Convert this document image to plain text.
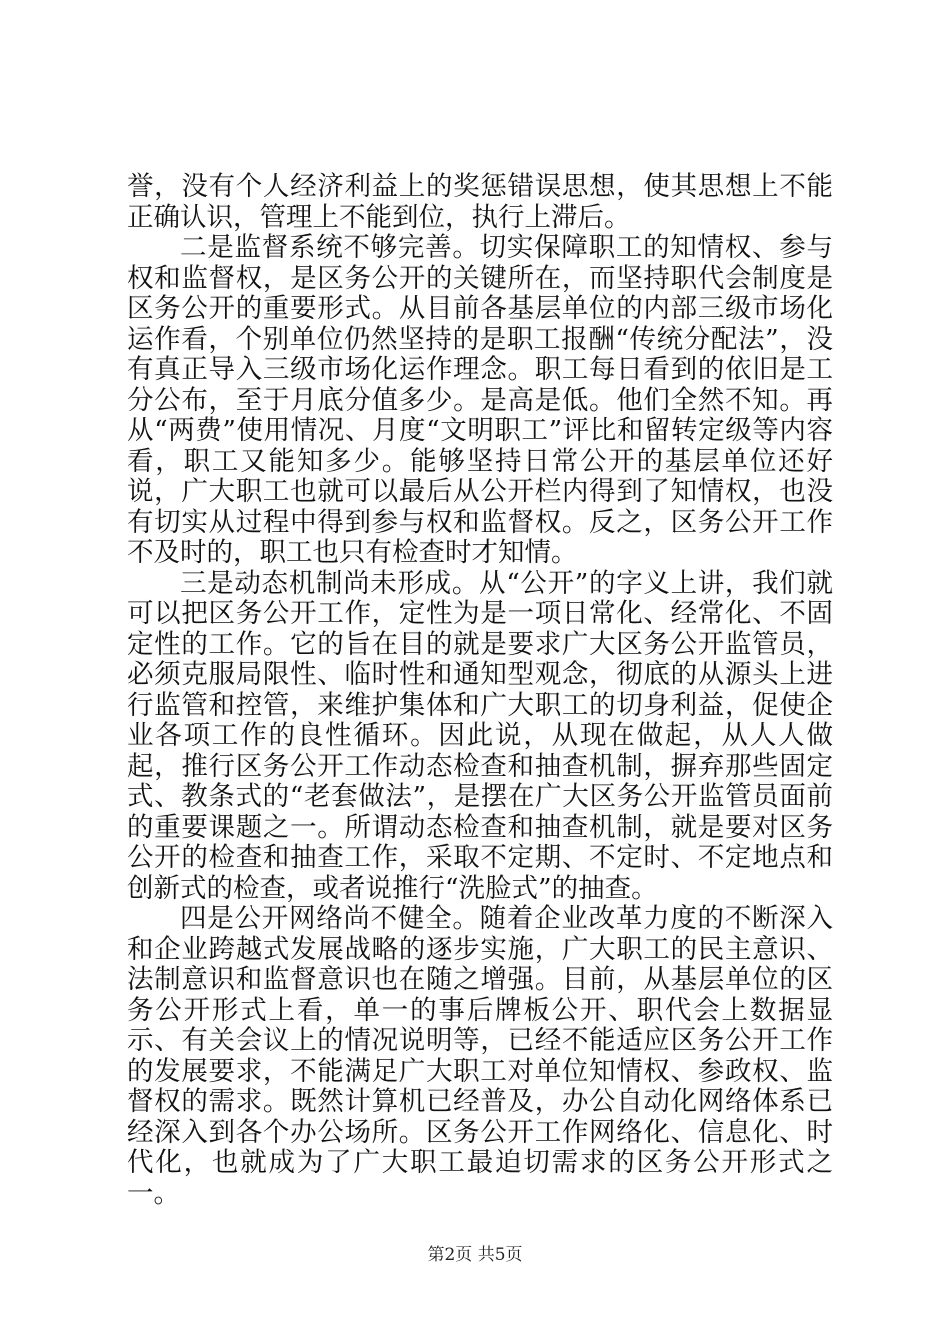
誉，没有个人经济利益上的奖惩错误思想，使其思想上不能正确认识，管理上不能到位，执行上滞后。

二是监督系统不够完善。切实保障职工的知情权、参与权和监督权，是区务公开的关键所在，而坚持职代会制度是区务公开的重要形式。从目前各基层单位的内部三级市场化运作看，个别单位仍然坚持的是职工报酬“传统分配法”，没有真正导入三级市场化运作理念。职工每日看到的依旧是工分公布，至于月底分值多少。是高是低。他们全然不知。再从“两费”使用情况、月度“文明职工”评比和留转定级等内容看，职工又能知多少。能够坚持日常公开的基层单位还好说，广大职工也就可以最后从公开栏内得到了知情权，也没有切实从过程中得到参与权和监督权。反之，区务公开工作不及时的，职工也只有检查时才知情。

三是动态机制尚未形成。从“公开”的字义上讲，我们就可以把区务公开工作，定性为是一项日常化、经常化、不固定性的工作。它的旨在目的就是要求广大区务公开监管员，必须克服局限性、临时性和通知型观念，彻底的从源头上进行监管和控管，来维护集体和广大职工的切身利益，促使企业各项工作的良性循环。因此说，从现在做起，从人人做起，推行区务公开工作动态检查和抽查机制，摒弃那些固定式、教条式的“老套做法”，是摆在广大区务公开监管员面前的重要课题之一。所谓动态检查和抽查机制，就是要对区务公开的检查和抽查工作，采取不定期、不定时、不定地点和创新式的检查，或者说推行“洗脸式”的抽查。

四是公开网络尚不健全。随着企业改革力度的不断深入和企业跨越式发展战略的逐步实施，广大职工的民主意识、法制意识和监督意识也在随之增强。目前，从基层单位的区务公开形式上看，单一的事后牌板公开、职代会上数据显示、有关会议上的情况说明等，已经不能适应区务公开工作的发展要求，不能满足广大职工对单位知情权、参政权、监督权的需求。既然计算机已经普及，办公自动化网络体系已经深入到各个办公场所。区务公开工作网络化、信息化、时代化，也就成为了广大职工最迫切需求的区务公开形式之一。

第2页 共5页
